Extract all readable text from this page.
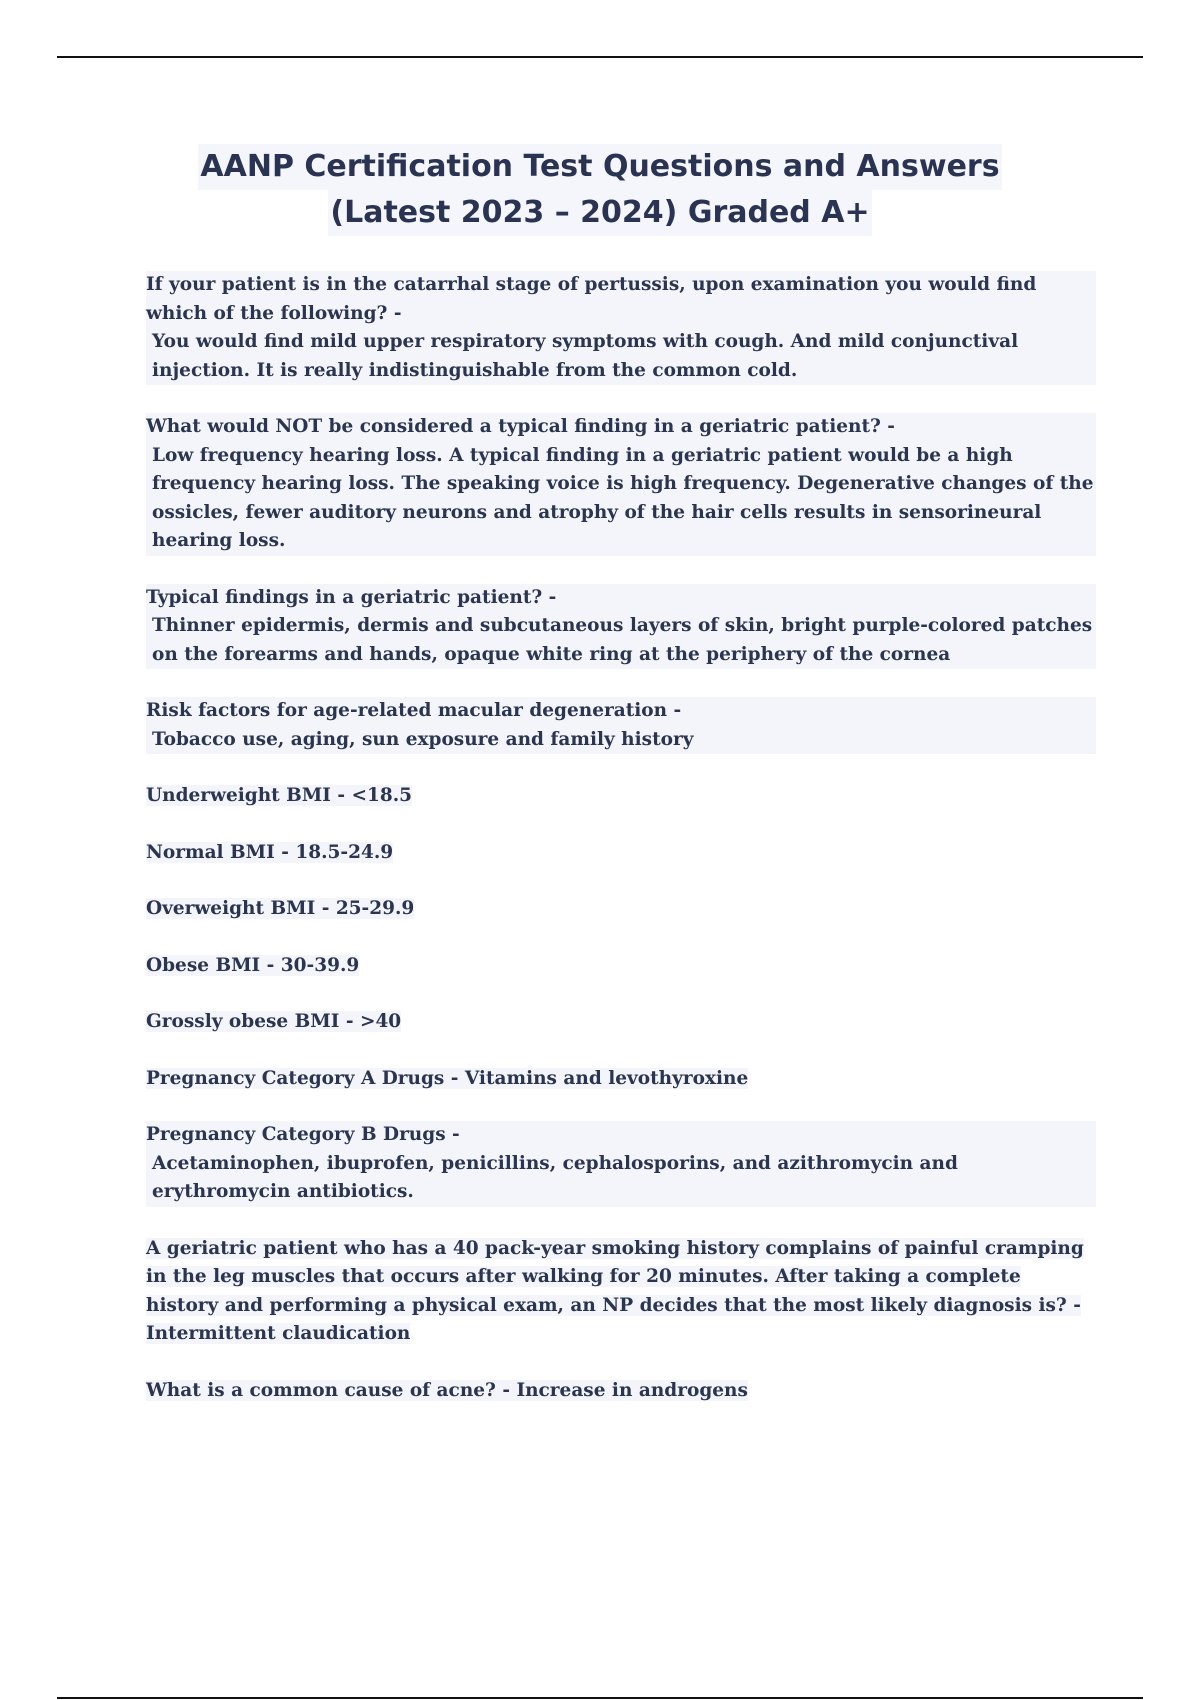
AANP Certification Test Questions and Answers
(Latest 2023 – 2024) Graded A+

If your patient is in the catarrhal stage of pertussis, upon examination you would find which of the following? -
You would find mild upper respiratory symptoms with cough. And mild conjunctival injection. It is really indistinguishable from the common cold.

What would NOT be considered a typical finding in a geriatric patient? -
Low frequency hearing loss. A typical finding in a geriatric patient would be a high frequency hearing loss. The speaking voice is high frequency. Degenerative changes of the ossicles, fewer auditory neurons and atrophy of the hair cells results in sensorineural hearing loss.

Typical findings in a geriatric patient? -
Thinner epidermis, dermis and subcutaneous layers of skin, bright purple-colored patches on the forearms and hands, opaque white ring at the periphery of the cornea

Risk factors for age-related macular degeneration -
Tobacco use, aging, sun exposure and family history

Underweight BMI - <18.5

Normal BMI - 18.5-24.9

Overweight BMI - 25-29.9

Obese BMI - 30-39.9

Grossly obese BMI - >40

Pregnancy Category A Drugs - Vitamins and levothyroxine

Pregnancy Category B Drugs -
Acetaminophen, ibuprofen, penicillins, cephalosporins, and azithromycin and erythromycin antibiotics.

A geriatric patient who has a 40 pack-year smoking history complains of painful cramping in the leg muscles that occurs after walking for 20 minutes. After taking a complete history and performing a physical exam, an NP decides that the most likely diagnosis is? - Intermittent claudication

What is a common cause of acne? - Increase in androgens
